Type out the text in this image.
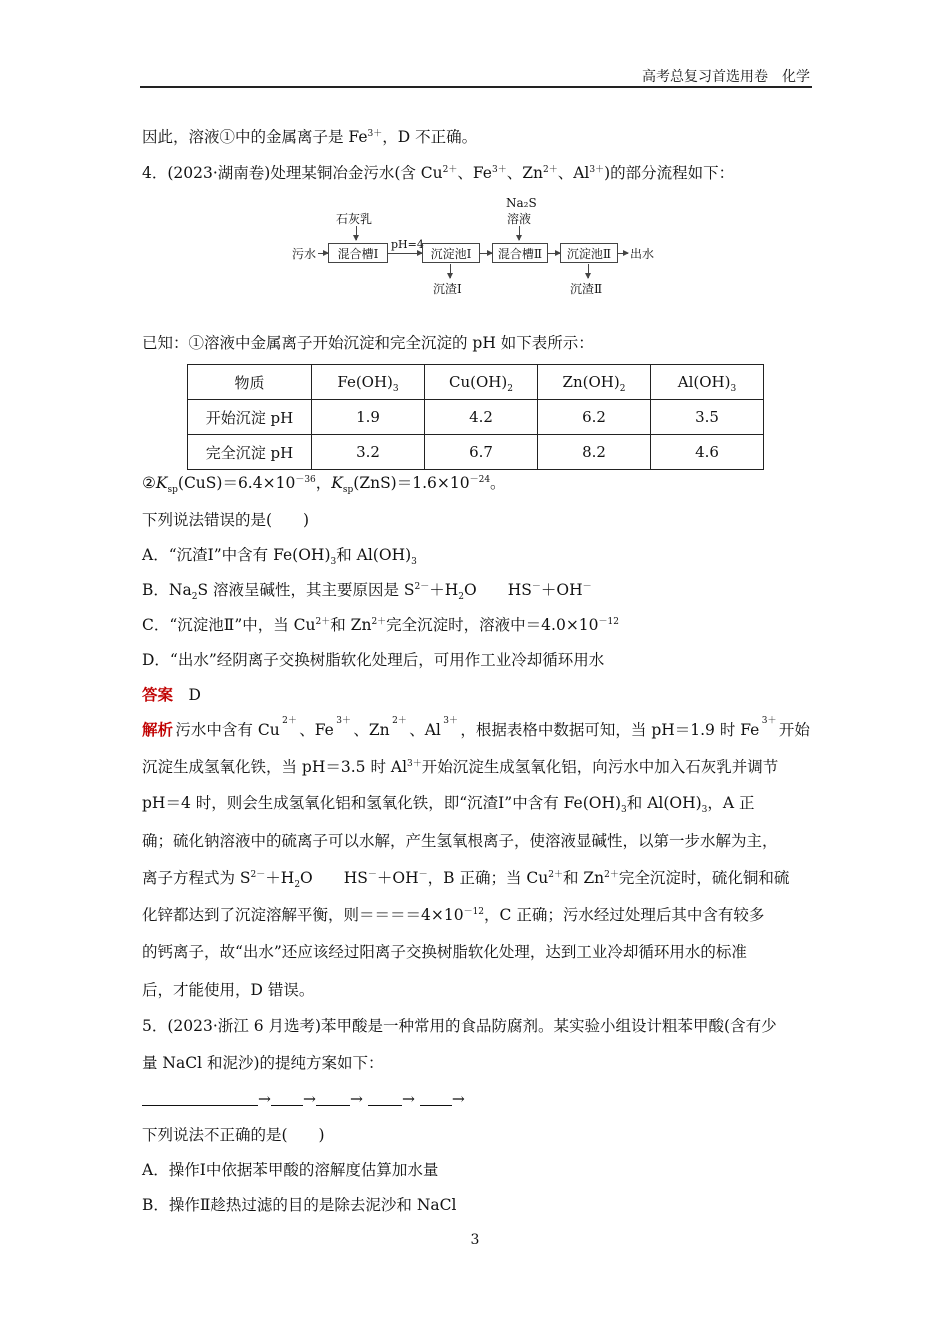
高考总复习首选用卷　化学
因此，溶液①中的金属离子是 $Fe^{3+}$，D 不正确。
4．(2023·湖南卷)处理某铜冶金污水(含 $Cu^{2+}$、$Fe^{3+}$、$Zn^{2+}$、$Al^{3+}$)的部分流程如下：
石灰乳
Na₂S
溶液
污水	混合槽Ⅰ
pH=4
沉淀池Ⅰ	混合槽Ⅱ	沉淀池Ⅱ	出水
沉渣Ⅰ	沉渣Ⅱ
已知：①溶液中金属离子开始沉淀和完全沉淀的 pH 如下表所示：
物质	$Fe(OH)_3$	$Cu(OH)_2$	$Zn(OH)_2$	$Al(OH)_3$
开始沉淀 pH	1.9	4.2	6.2	3.5
完全沉淀 pH	3.2	6.7	8.2	4.6
$②K_{sp}(CuS)=6.4\times 10^{-36}$，$K_{sp}(ZnS)=1.6\times 10^{-24}$。
下列说法错误的是(　　)
A．“沉渣Ⅰ”中含有 $Fe(OH)_3$和 $Al(OH)_3$
B．$Na_2S$ 溶液呈碱性，其主要原因是 $S^{2-}+H_2O$　　HS－＋OH－
C．“沉淀池Ⅱ”中，当 $Cu^{2+}$和 $Zn^{2+}$完全沉淀时，溶液中$=4.0\times 10^{-12}$
D．“出水”经阴离子交换树脂软化处理后，可用作工业冷却循环用水
答案　 D
解析 污水中含有 Cu 2＋ 、Fe 3＋ 、Zn 2＋ 、Al 3＋ ，根据表格中数据可知，当 pH＝1.9 时 Fe 3＋ 开始
沉淀生成氢氧化铁，当 pH＝3.5 时 $Al^{3+}$开始沉淀生成氢氧化铝，向污水中加入石灰乳并调节
pH＝4 时，则会生成氢氧化铝和氢氧化铁，即“沉渣Ⅰ”中含有 $Fe(OH)_3$和 $Al(OH)_3$，A 正
确；硫化钠溶液中的硫离子可以水解，产生氢氧根离子，使溶液显碱性，以第一步水解为主，
离子方程式为 $S^{2-}+H_2O$　　HS－＋OH－，B 正确；当 $Cu^{2+}$和 $Zn^{2+}$完全沉淀时，硫化铜和硫
化锌都达到了沉淀溶解平衡，则$====4\times 10^{-12}$，C 正确；污水经过处理后其中含有较多
的钙离子，故“出水”还应该经过阳离子交换树脂软化处理，达到工业冷却循环用水的标准
后，才能使用，D 错误。
5．(2023·浙江 6 月选考)苯甲酸是一种常用的食品防腐剂。某实验小组设计粗苯甲酸(含有少
量 NaCl 和泥沙)的提纯方案如下：
→ → →	→ →
下列说法不正确的是(　　)
A．操作Ⅰ中依据苯甲酸的溶解度估算加水量
B．操作Ⅱ趁热过滤的目的是除去泥沙和 NaCl
3
